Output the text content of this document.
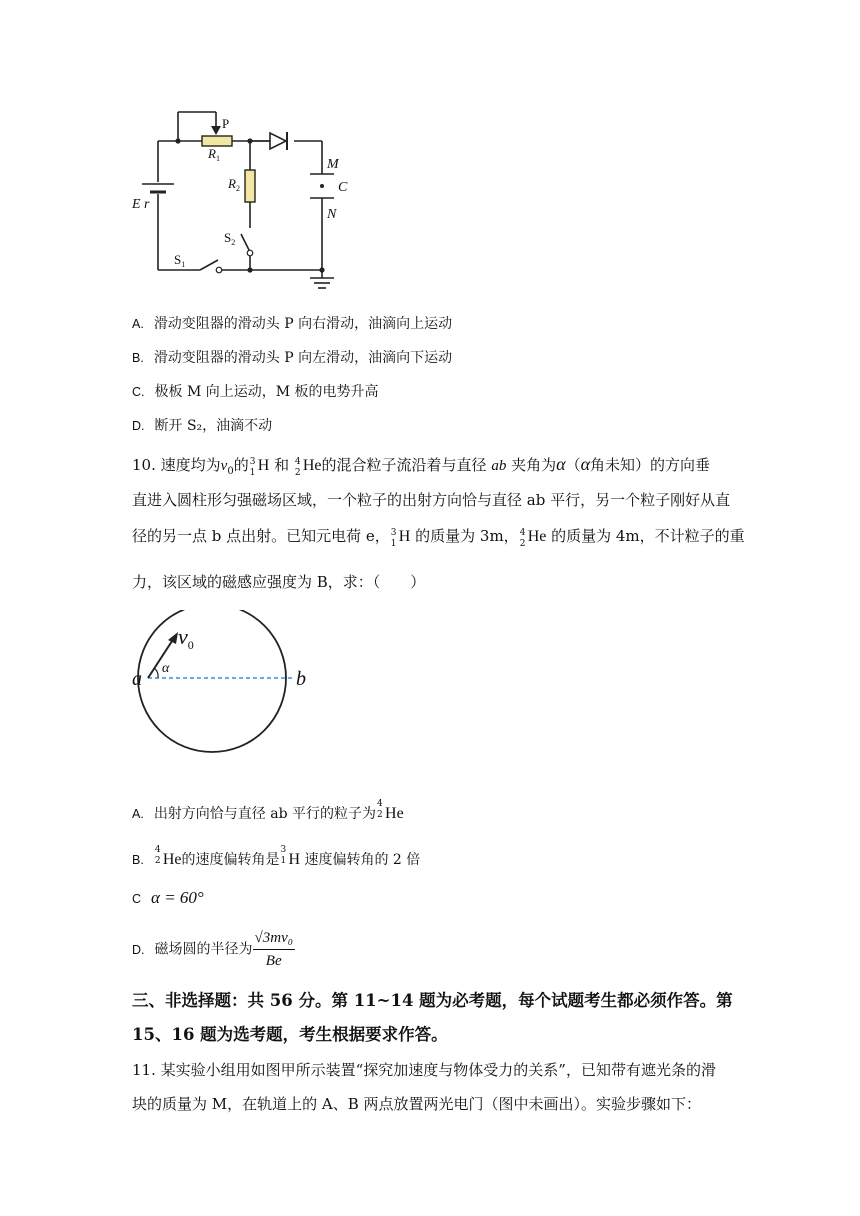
P
$R_1$
$R_2$
M
C
N
E r
$S_1$
$S_2$
A. 滑动变阻器的滑动头 P 向右滑动，油滴向上运动
B. 滑动变阻器的滑动头 P 向左滑动，油滴向下运动
C. 极板 M 向上运动，M 板的电势升高
D. 断开 S₂，油滴不动
10. 速度均为$v_0$的 3
1 H 和 4
2 He的混合粒子流沿着与直径 ab 夹角为α（α角未知）的方向垂
直进入圆柱形匀强磁场区域，一个粒子的出射方向恰与直径 ab 平行，另一个粒子刚好从直
径的另一点 b 点出射。已知元电荷 e， 3
1 H 的质量为 3m， 4
2 He 的质量为 4m，不计粒子的重
力，该区域的磁感应强度为 B，求：（　　）
a	b
$v_0$
α
A. 出射方向恰与直径 ab 平行的粒子为
4
2 He
B.
4
2 He的速度偏转角是
3
1 H 速度偏转角的 2 倍
C α = 60°
D. 磁场圆的半径为 $\frac{\text{√3mv₀}}{Be}$
三、非选择题：共 56 分。第 11~14 题为必考题，每个试题考生都必须作答。第
15、16 题为选考题，考生根据要求作答。
11. 某实验小组用如图甲所示装置“探究加速度与物体受力的关系”，已知带有遮光条的滑
块的质量为 M，在轨道上的 A、B 两点放置两光电门（图中未画出）。实验步骤如下：
